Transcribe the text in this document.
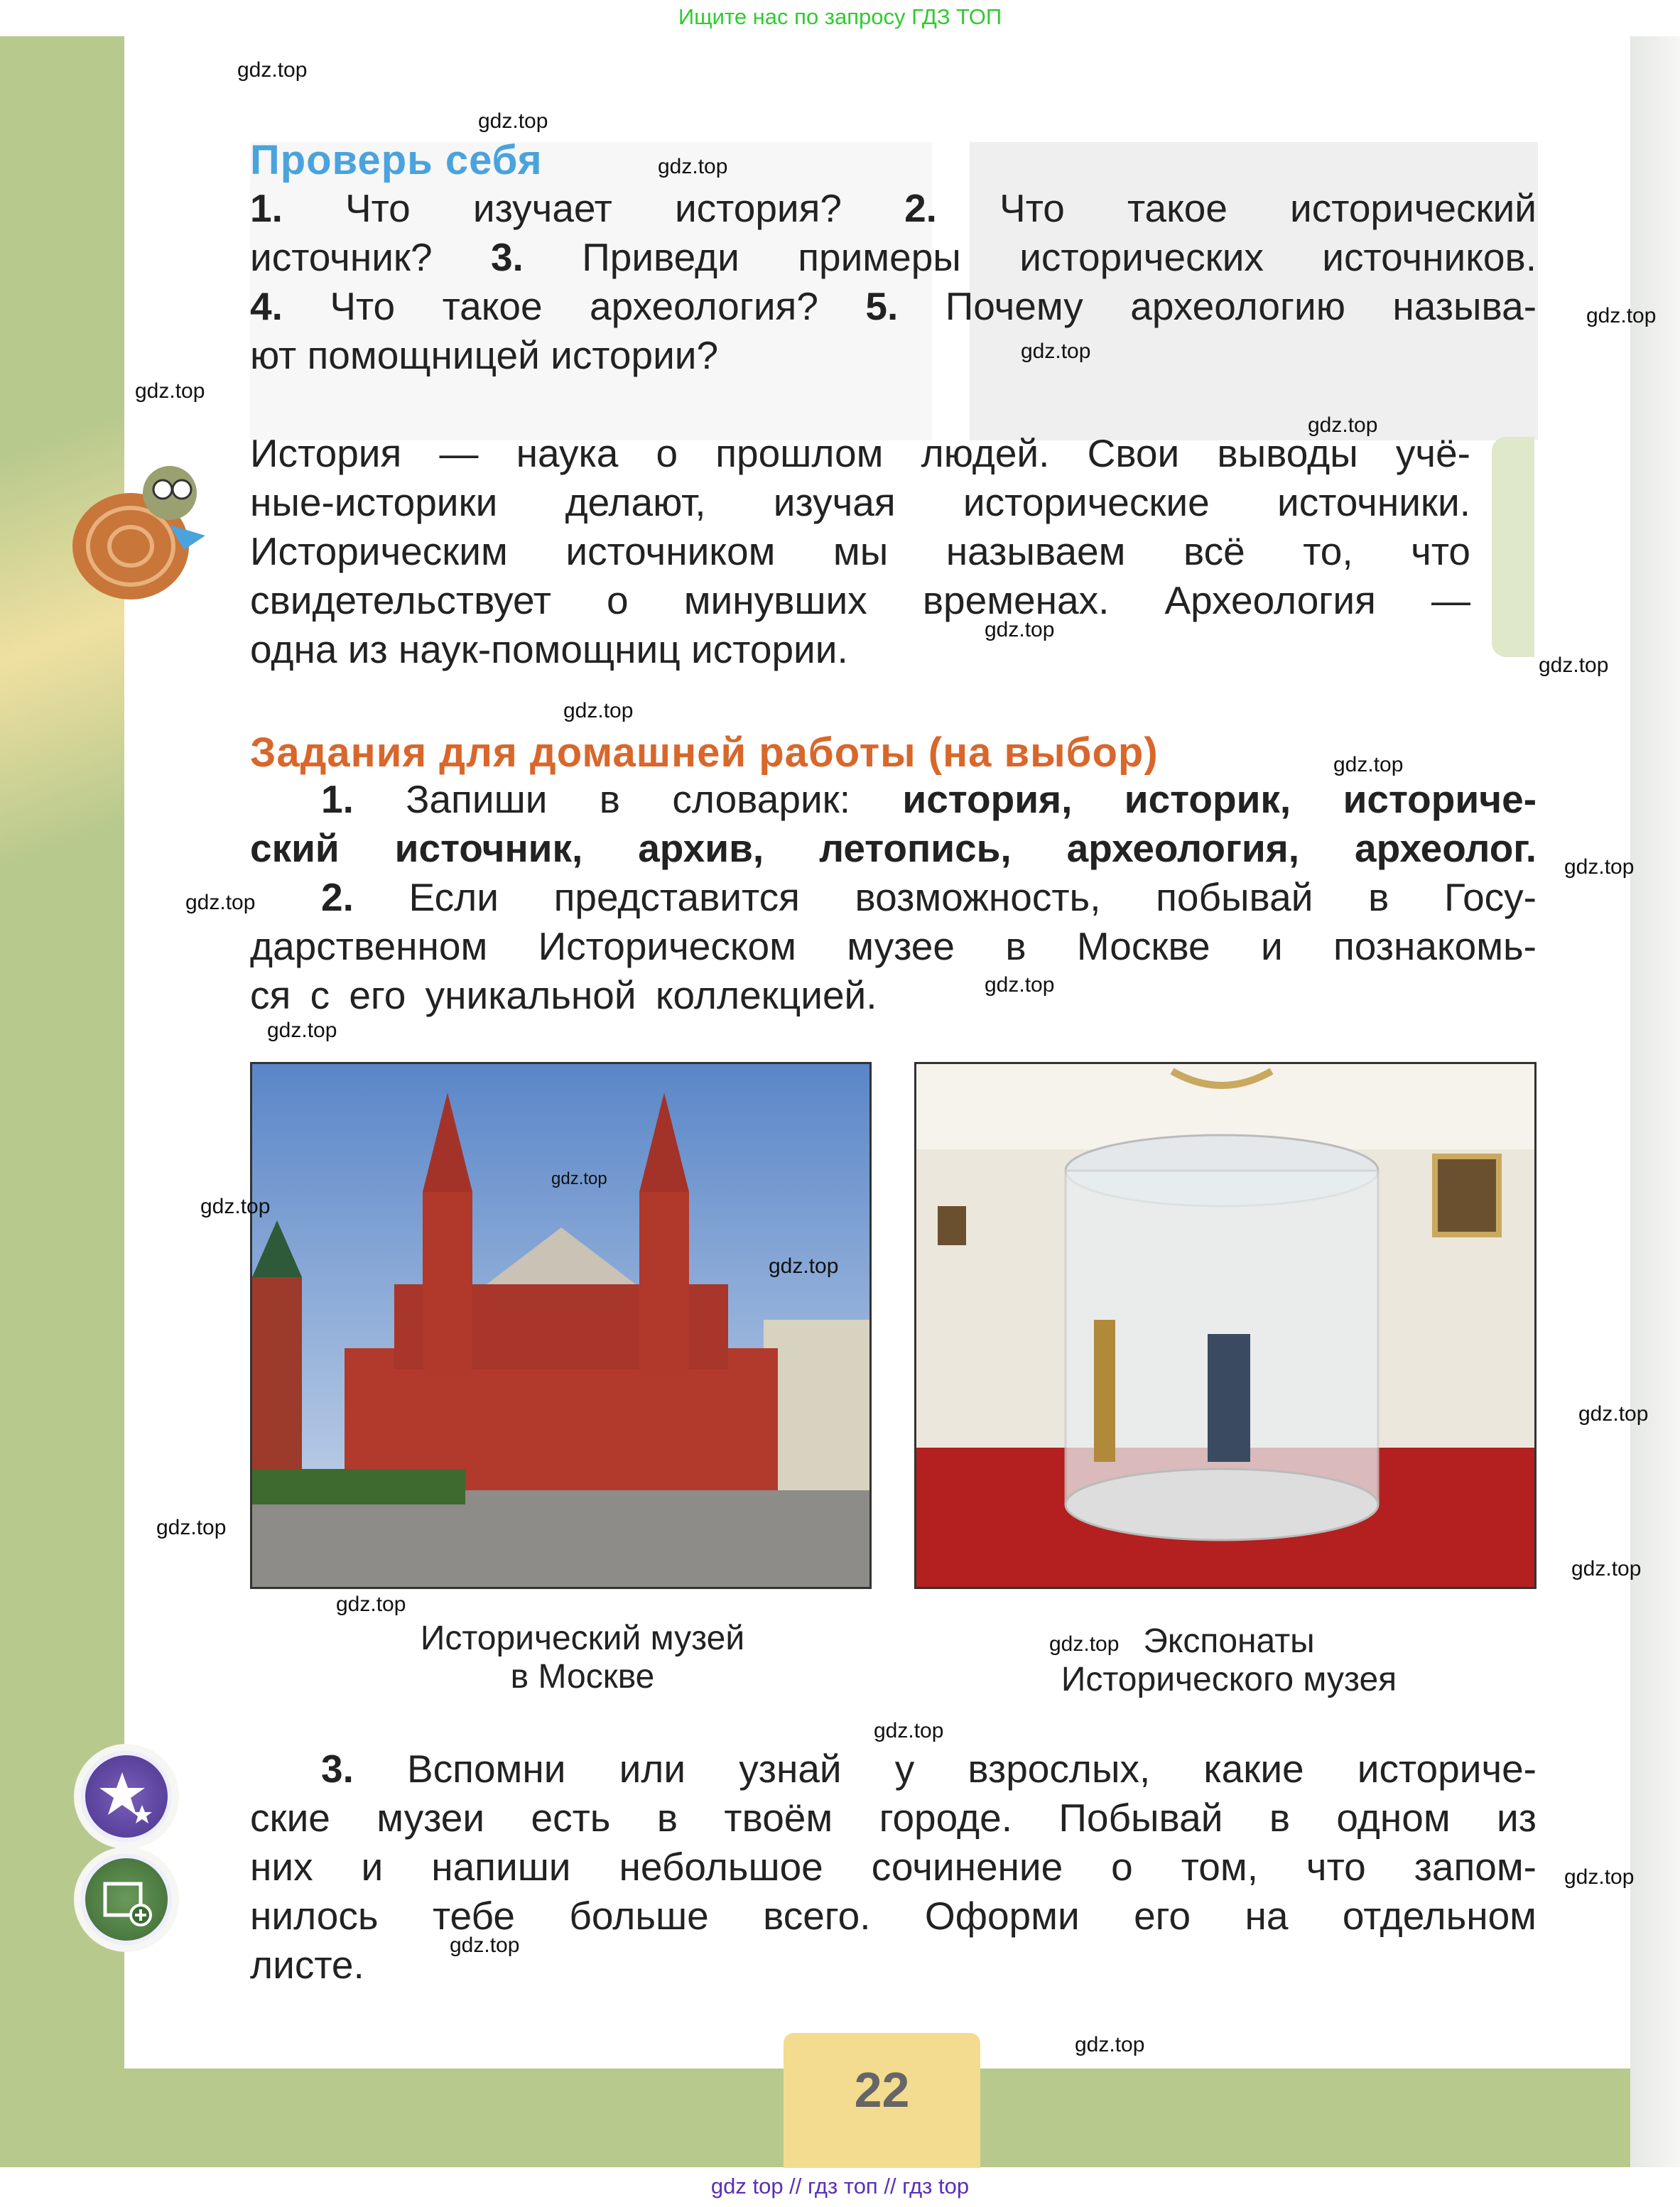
Ищите нас по запросу ГДЗ ТОП
Проверь себя
1. Что изучает история? 2. Что такое исторический
источник? 3. Приведи примеры исторических источников.
4. Что такое археология? 5. Почему археологию называ-
ют помощницей истории?
История — наука о прошлом людей. Свои выводы учё-
ные-историки делают, изучая исторические источники.
Историческим источником мы называем всё то, что
свидетельствует о минувших временах. Археология —
одна из наук-помощниц истории.
Задания для домашней работы (на выбор)
1. Запиши в словарик: история, историк, историче-
ский источник, архив, летопись, археология, археолог.
2. Если представится возможность, побывай в Госу-
дарственном Историческом музее в Москве и познакомь-
ся с его уникальной коллекцией.
Исторический музей
в Москве
Экспонаты
Исторического музея
3. Вспомни или узнай у взрослых, какие историче-
ские музеи есть в твоём городе. Побывай в одном из
них и напиши небольшое сочинение о том, что запом-
нилось тебе больше всего. Оформи его на отдельном
листе.
22
gdz top // гдз топ // гдз top
gdz.top
gdz.top
gdz.top
gdz.top
gdz.top
gdz.top
gdz.top
gdz.top
gdz.top
gdz.top
gdz.top
gdz.top
gdz.top
gdz.top
gdz.top
gdz.top
gdz.top
gdz.top
gdz.top
gdz.top
gdz.top
gdz.top
gdz.top
gdz.top
gdz.top
gdz.top
gdz.top
